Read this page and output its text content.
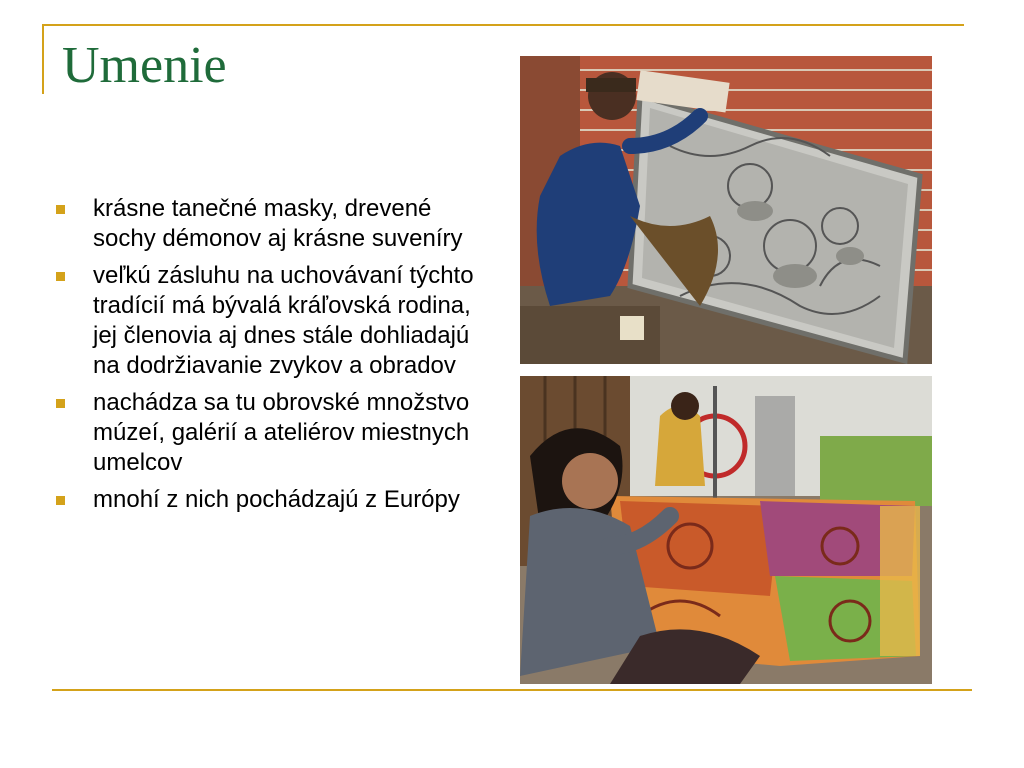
Umenie
krásne tanečné masky, drevené sochy démonov aj krásne suveníry
veľkú zásluhu na uchovávaní týchto tradícií má bývalá kráľovská rodina, jej členovia aj dnes stále dohliadajú na dodržiavanie zvykov a obradov
nachádza sa tu obrovské množstvo múzeí, galérií a ateliérov miestnych umelcov
mnohí z nich pochádzajú z Európy
